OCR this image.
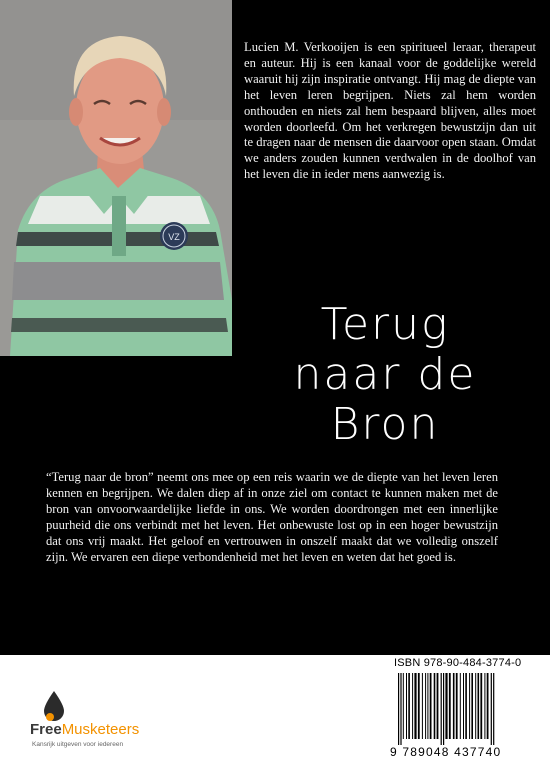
VZ

Lucien M. Verkooijen is een spiritueel leraar, therapeut en auteur. Hij is een kanaal voor de goddelijke wereld waaruit hij zijn inspiratie ontvangt. Hij mag de diepte van het leven leren begrijpen. Niets zal hem worden onthouden en niets zal hem bespaard blijven, alles moet worden doorleefd. Om het verkregen bewustzijn dan uit te dragen naar de mensen die daarvoor open staan. Omdat we anders zouden kunnen verdwalen in de doolhof van het leven die in ieder mens aanwezig is.

Terug
naar de
Bron

“Terug naar de bron” neemt ons mee op een reis waarin we de diepte van het leven leren kennen en begrijpen. We dalen diep af in onze ziel om contact te kunnen maken met de bron van onvoorwaardelijke liefde in ons. We worden doordrongen met een innerlijke puurheid die ons verbindt met het leven. Het onbewuste lost op in een hoger bewustzijn dat ons vrij maakt. Het geloof en vertrouwen in onszelf maakt dat we volledig onszelf zijn. We ervaren een diepe verbondenheid met het leven en weten dat het goed is.

FreeMusketeers
Kansrijk uitgeven voor iedereen
ISBN 978-90-484-3774-0
9 789048 437740
